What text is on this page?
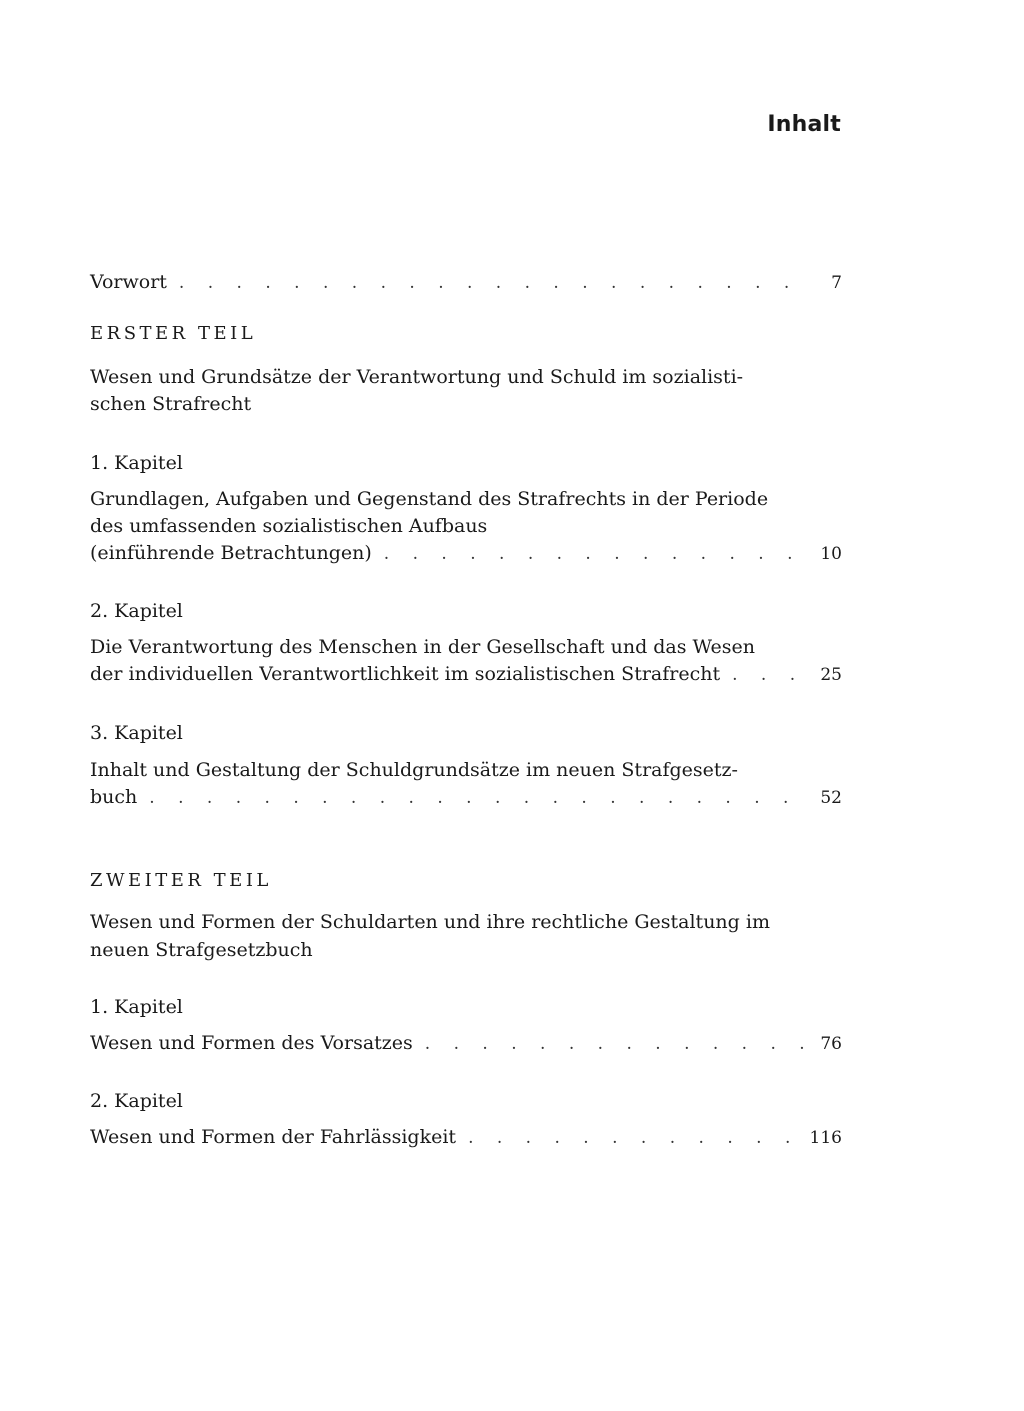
Inhalt
Vorwort . . .	7
ERSTER TEIL
Wesen und Grundsätze der Verantwortung und Schuld im sozialisti-
schen Strafrecht
1. Kapitel
Grundlagen, Aufgaben und Gegenstand des Strafrechts in der Periode
des umfassenden sozialistischen Aufbaus
(einführende Betrachtungen) . . .	10
2. Kapitel
Die Verantwortung des Menschen in der Gesellschaft und das Wesen
der individuellen Verantwortlichkeit im sozialistischen Strafrecht . . .	25
3. Kapitel
Inhalt und Gestaltung der Schuldgrundsätze im neuen Strafgesetz-
buch . . .	52
ZWEITER TEIL
Wesen und Formen der Schuldarten und ihre rechtliche Gestaltung im
neuen Strafgesetzbuch
1. Kapitel
Wesen und Formen des Vorsatzes . . .	76
2. Kapitel
Wesen und Formen der Fahrlässigkeit . . .	116
